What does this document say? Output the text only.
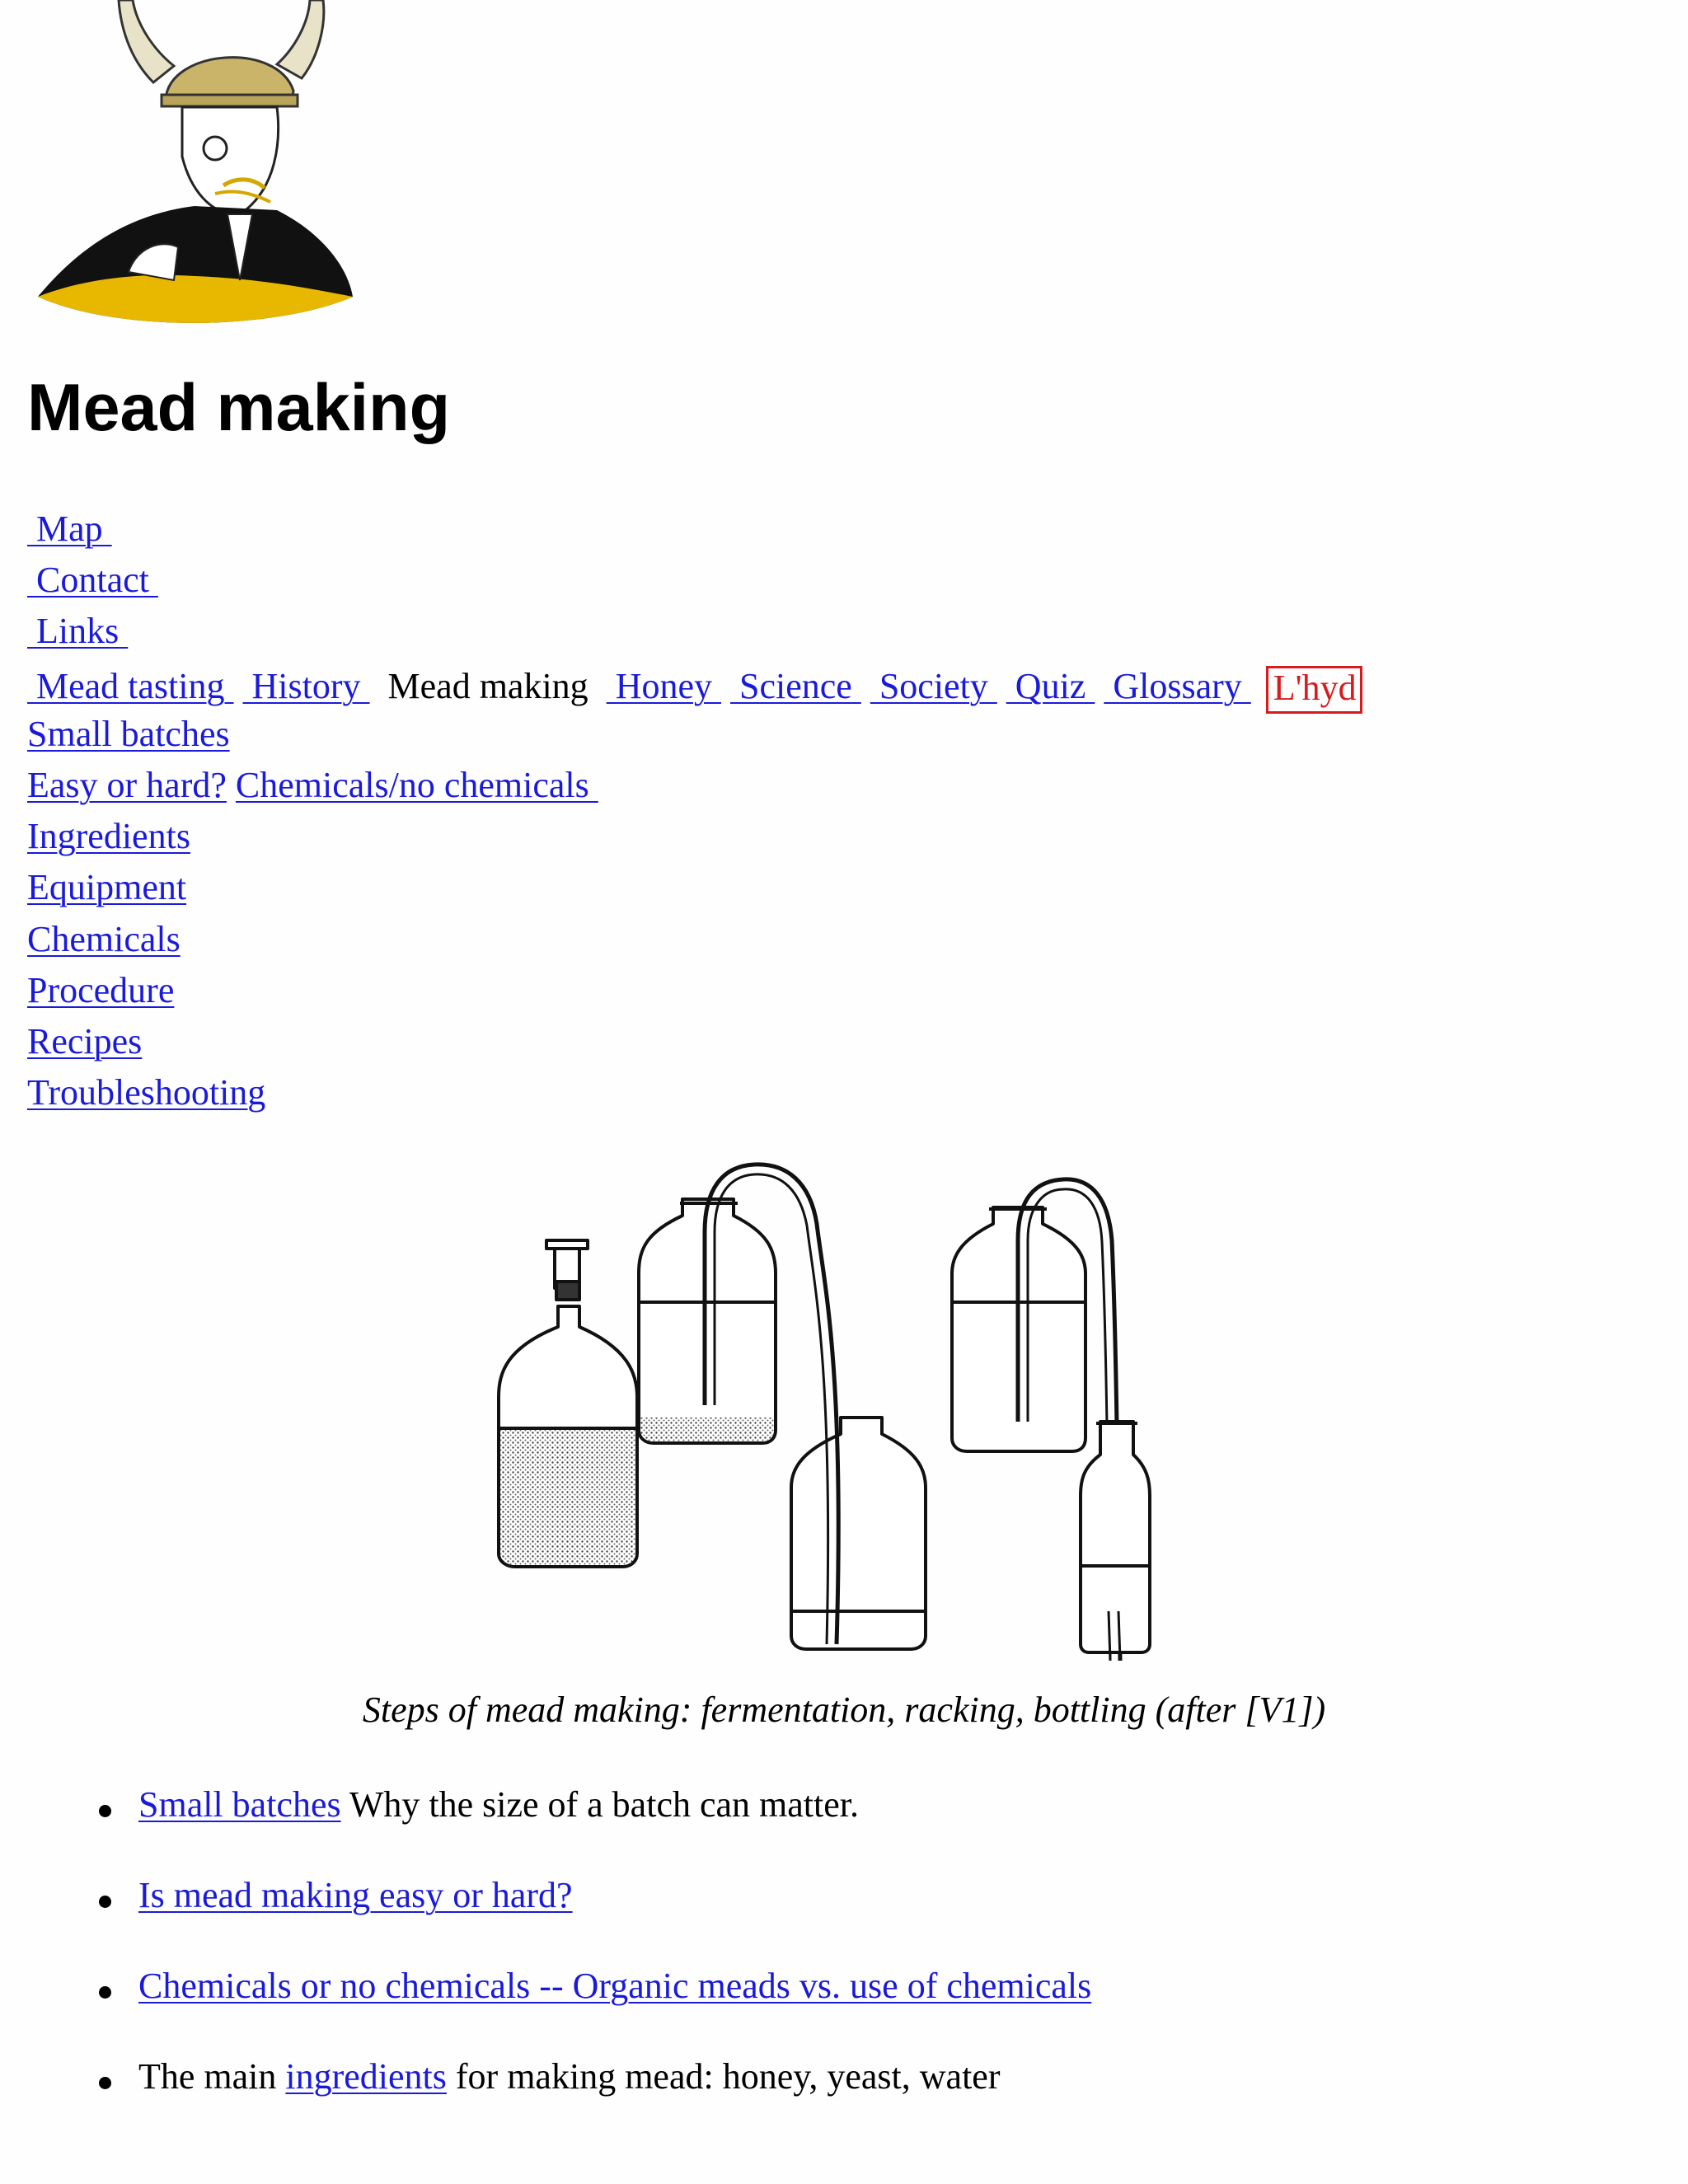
Mead making
Map
Contact
Links
Mead tasting   History   Mead making   Honey   Science   Society   Quiz   Glossary L'hyd
Small batches
Easy or hard? Chemicals/no chemicals
Ingredients
Equipment
Chemicals
Procedure
Recipes
Troubleshooting
Steps of mead making: fermentation, racking, bottling (after [V1])
Small batches Why the size of a batch can matter.
Is mead making easy or hard?
Chemicals or no chemicals -- Organic meads vs. use of chemicals
The main ingredients for making mead: honey, yeast, water
